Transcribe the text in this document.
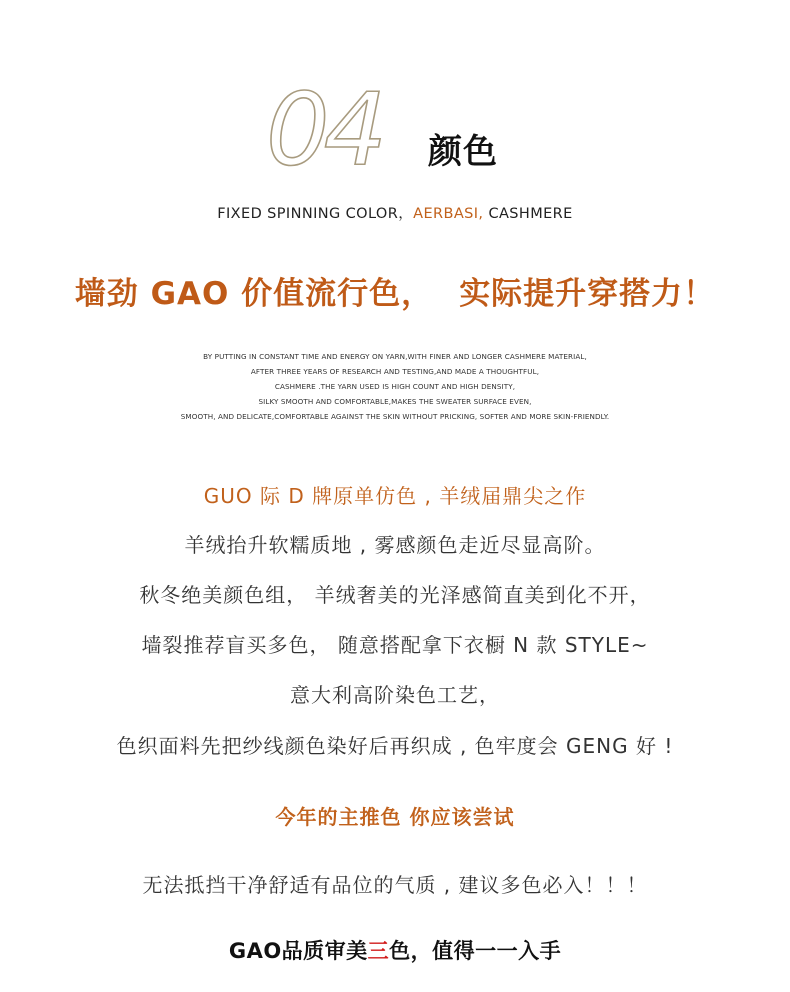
04 颜色
FIXED SPINNING COLOR，AERBASI, CASHMERE
墙劲 GAO 价值流行色， 实际提升穿搭力！
BY PUTTING IN CONSTANT TIME AND ENERGY ON YARN,WITH FINER AND LONGER CASHMERE MATERIAL,
AFTER THREE YEARS OF RESEARCH AND TESTING,AND MADE A THOUGHTFUL,
CASHMERE .THE YARN USED IS HIGH COUNT AND HIGH DENSITY,
SILKY SMOOTH AND COMFORTABLE,MAKES THE SWEATER SURFACE EVEN,
SMOOTH, AND DELICATE,COMFORTABLE AGAINST THE SKIN WITHOUT PRICKING, SOFTER AND MORE SKIN-FRIENDLY.
GUO 际 D 牌原单仿色 , 羊绒届鼎尖之作
羊绒抬升软糯质地 , 雾感颜色走近尽显高阶。
秋冬绝美颜色组， 羊绒奢美的光泽感简直美到化不开，
墙裂推荐盲买多色， 随意搭配拿下衣橱 N 款 STYLE~
意大利高阶染色工艺，
色织面料先把纱线颜色染好后再织成 , 色牢度会 GENG 好 !
今年的主推色 你应该尝试
无法抵挡干净舒适有品位的气质 , 建议多色必入！！！
GAO品质审美三色，值得一一入手
